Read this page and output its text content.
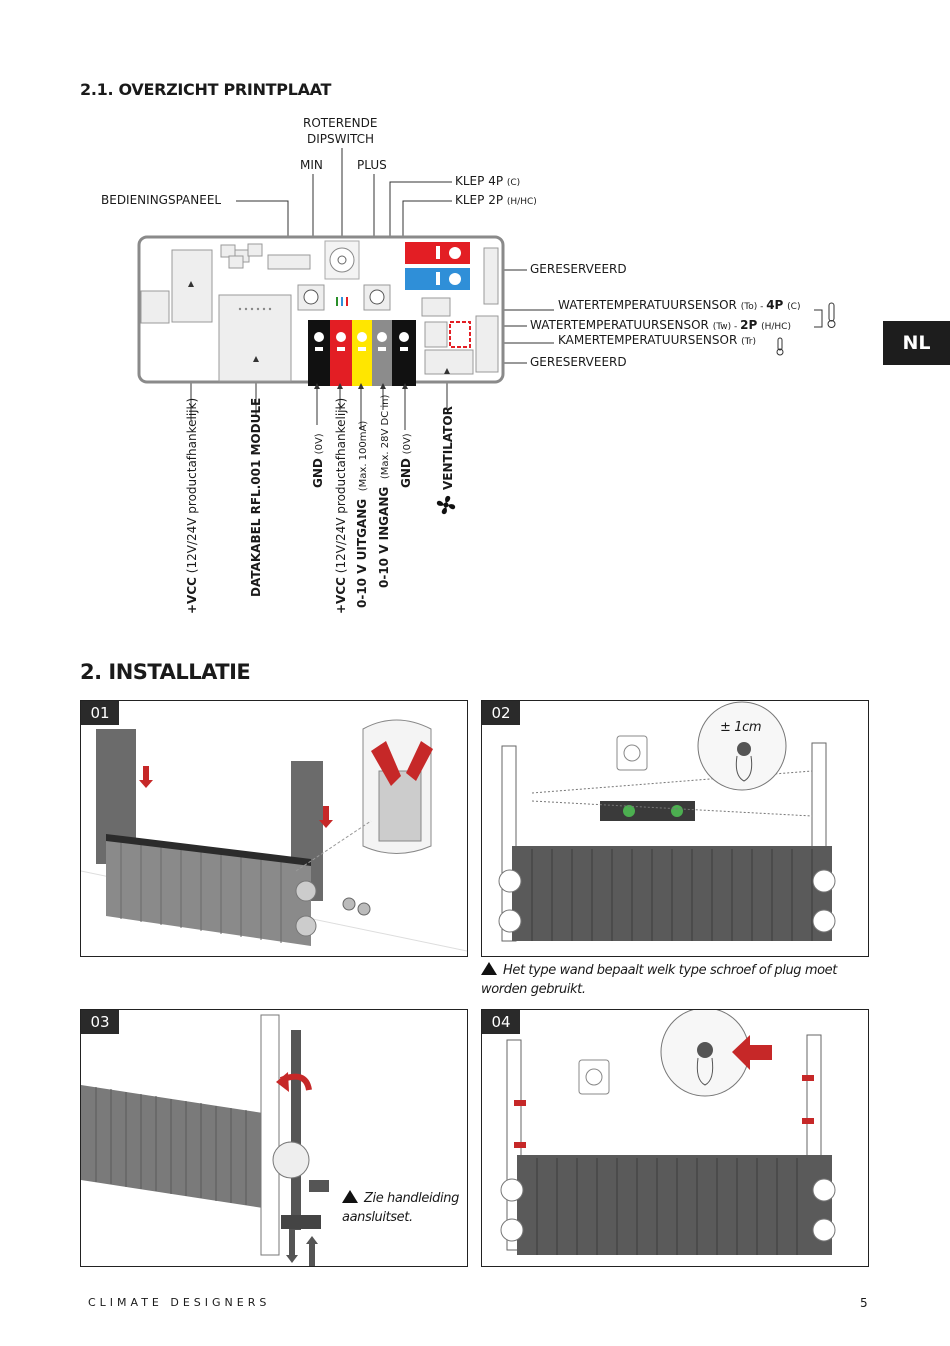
2.1. OVERZICHT PRINTPLAAT
ROTERENDE
DIPSWITCH
MIN	PLUS
BEDIENINGSPANEEL
KLEP 4P (C)
KLEP 2P (H/HC)
GERESERVEERD
WATERTEMPERATUURSENSOR (To) - 4P (C)
WATERTEMPERATUURSENSOR (Tw) - 2P (H/HC)
KAMERTEMPERATUURSENSOR (Tr)
GERESERVEERD
NL
+VCC (12V/24V productafhankelijk)	DATAKABEL RFL.001 MODULE	GND (0V)
+VCC (12V/24V productafhankelijk) 0-10 V UITGANG  (Max. 100mA)
0-10 V INGANG  (Max. 28V DC in) GND (0V) VENTILATOR
2. INSTALLATIE
01	02
± 1cm
Het type wand bepaalt welk type schroef of plug moet worden gebruikt.
03
Zie handleiding
aansluitset.
04
CLIMATE DESIGNERS	5
